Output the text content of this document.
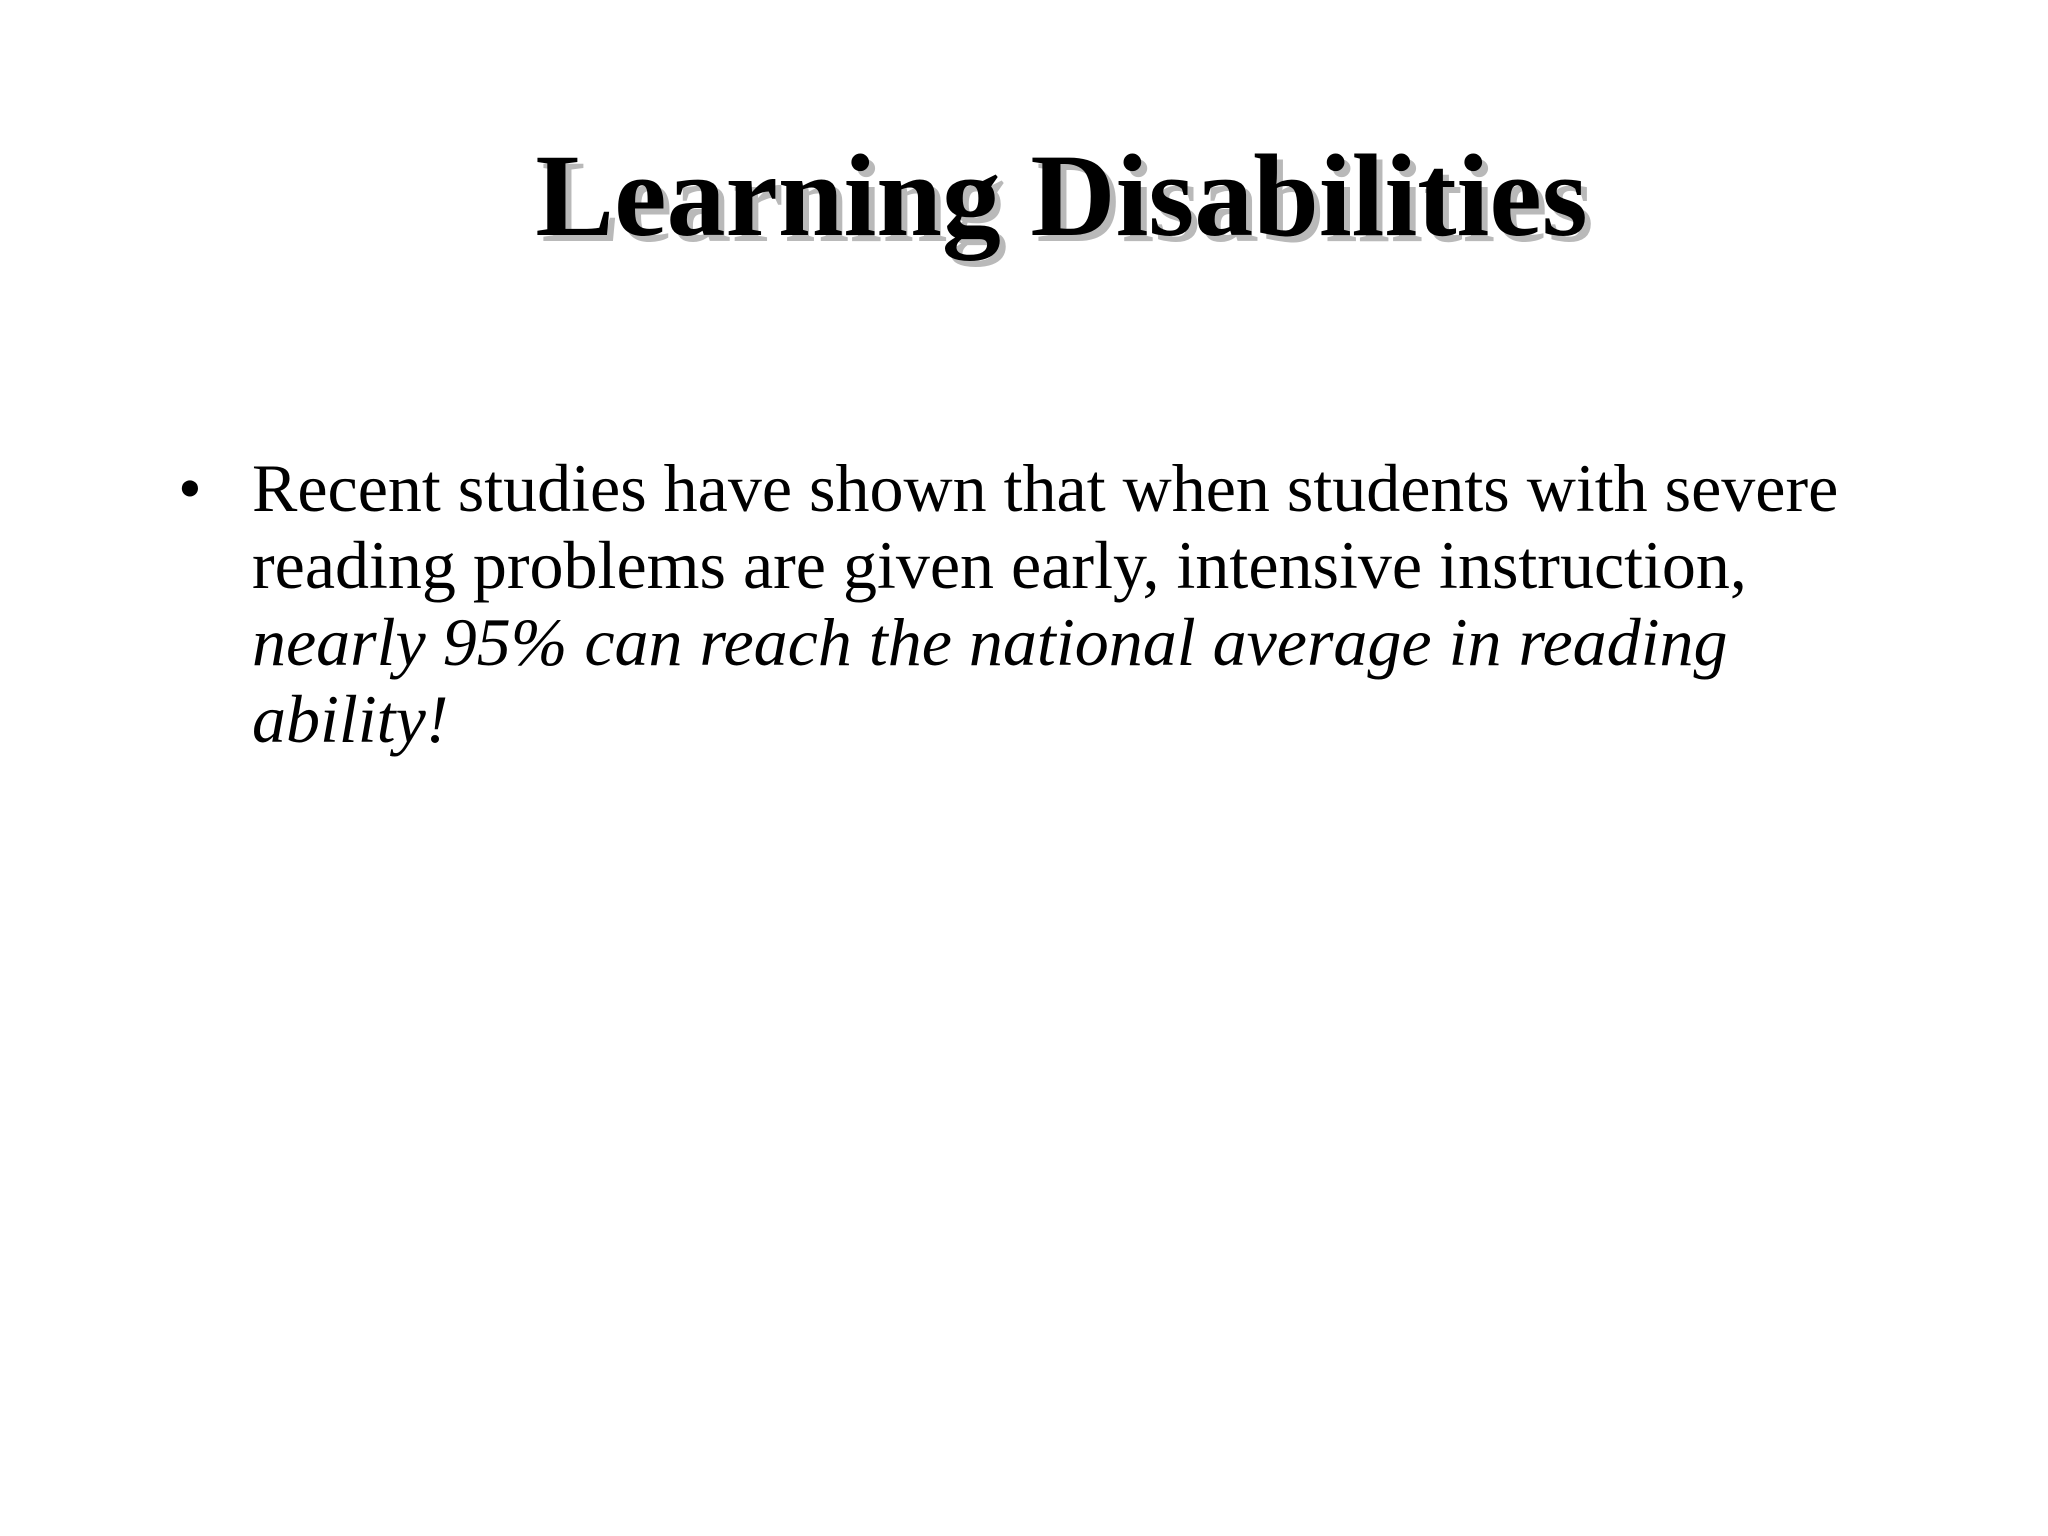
Learning Disabilities
• Recent studies have shown that when students with severe reading problems are given early, intensive instruction, nearly 95% can reach the national average in reading ability!
